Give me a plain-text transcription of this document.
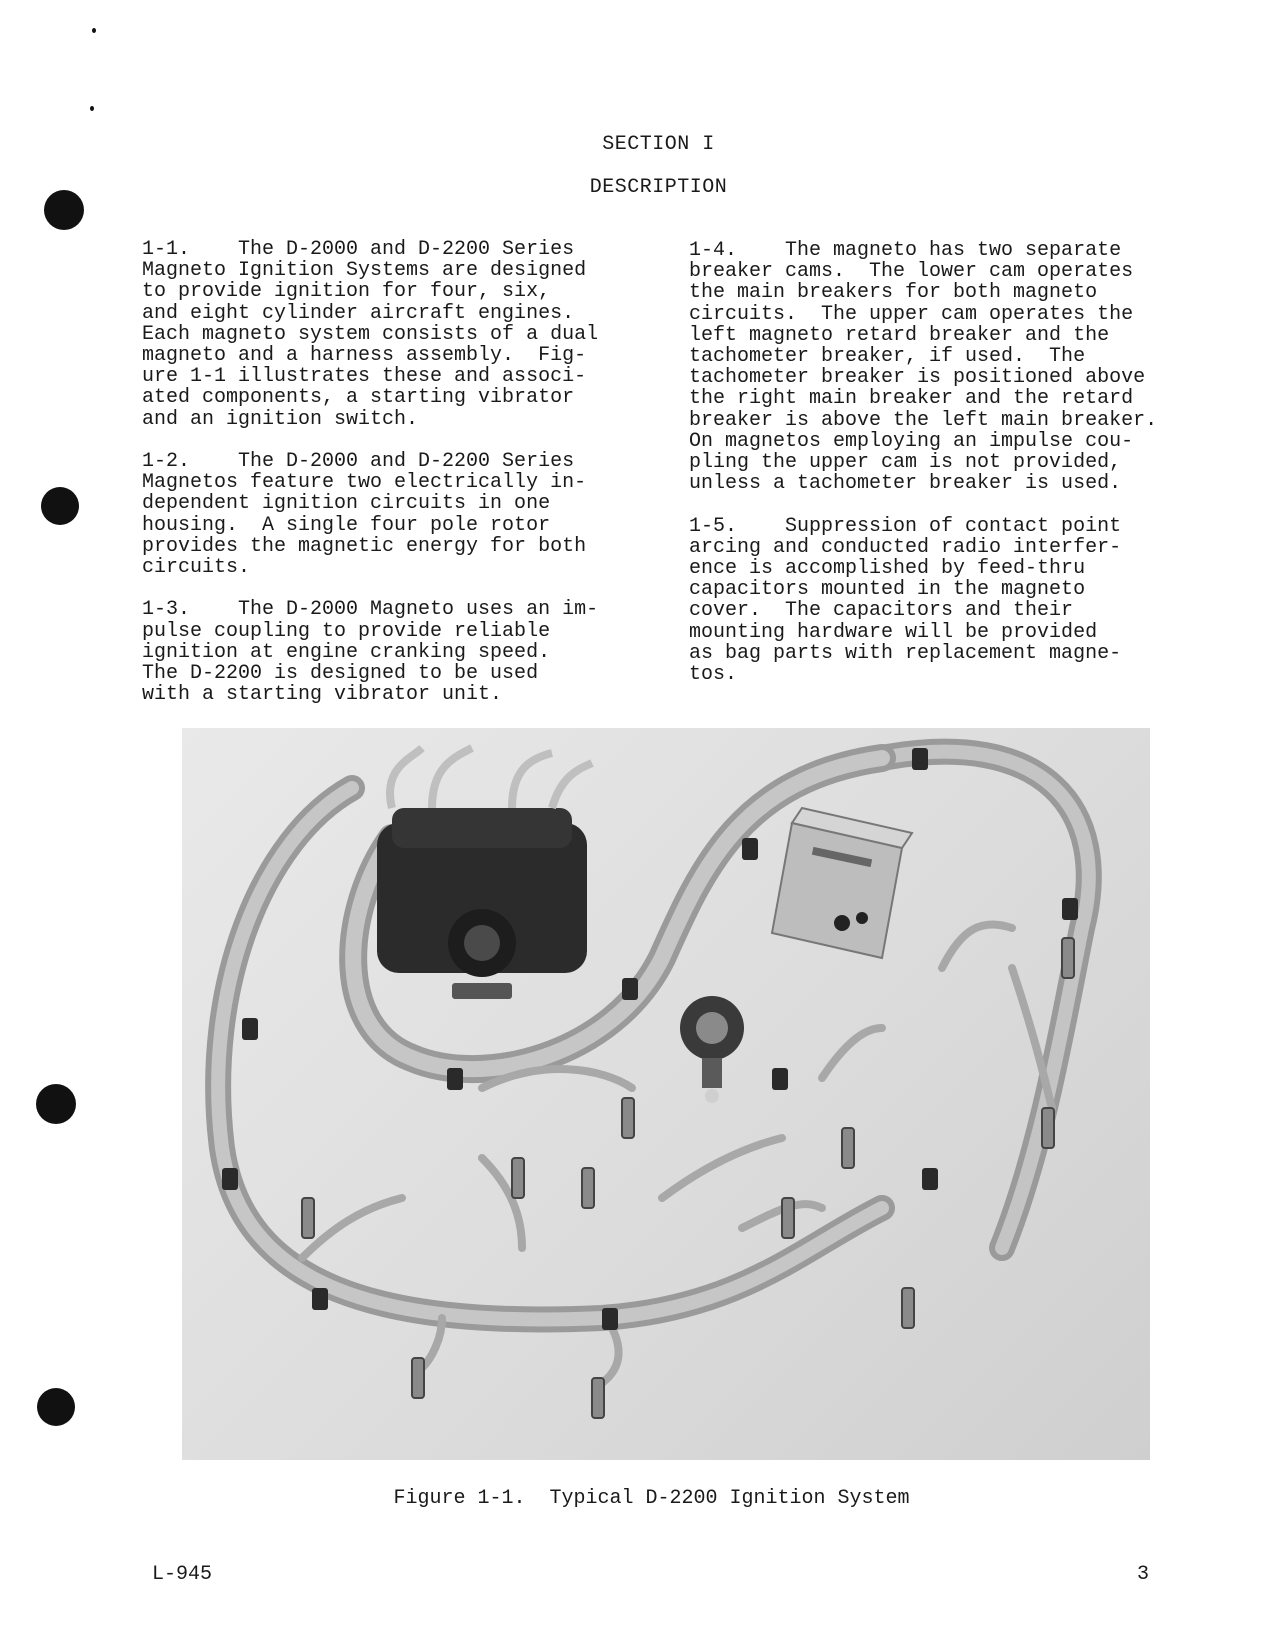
SECTION I
DESCRIPTION

1-1.    The D-2000 and D-2200 Series
Magneto Ignition Systems are designed
to provide ignition for four, six,
and eight cylinder aircraft engines.
Each magneto system consists of a dual
magneto and a harness assembly.  Fig-
ure 1-1 illustrates these and associ-
ated components, a starting vibrator
and an ignition switch.

1-2.    The D-2000 and D-2200 Series
Magnetos feature two electrically in-
dependent ignition circuits in one
housing.  A single four pole rotor
provides the magnetic energy for both
circuits.

1-3.    The D-2000 Magneto uses an im-
pulse coupling to provide reliable
ignition at engine cranking speed.
The D-2200 is designed to be used
with a starting vibrator unit.

1-4.    The magneto has two separate
breaker cams.  The lower cam operates
the main breakers for both magneto
circuits.  The upper cam operates the
left magneto retard breaker and the
tachometer breaker, if used.  The
tachometer breaker is positioned above
the right main breaker and the retard
breaker is above the left main breaker.
On magnetos employing an impulse cou-
pling the upper cam is not provided,
unless a tachometer breaker is used.

1-5.    Suppression of contact point
arcing and conducted radio interfer-
ence is accomplished by feed-thru
capacitors mounted in the magneto
cover.  The capacitors and their
mounting hardware will be provided
as bag parts with replacement magne-
tos.

Figure 1-1.  Typical D-2200 Ignition System
L-945	3
